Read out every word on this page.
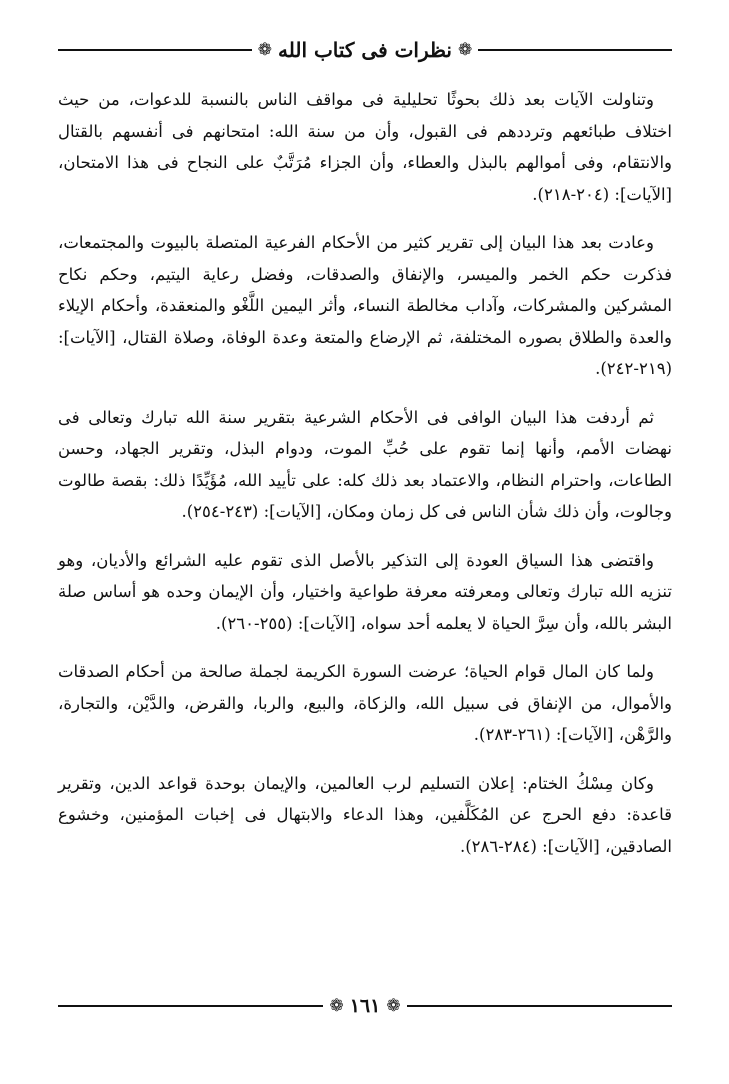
❁
نظرات فى كتاب الله
❁

وتناولت الآيات بعد ذلك بحوثًا تحليلية فى مواقف الناس بالنسبة للدعوات، من حيث اختلاف طبائعهم وترددهم فى القبول، وأن من سنة الله: امتحانهم فى أنفسهم بالقتال والانتقام، وفى أموالهم بالبذل والعطاء، وأن الجزاء مُرَتَّبٌ على النجاح فى هذا الامتحان، [الآيات]: (٢٠٤-٢١٨).

وعادت بعد هذا البيان إلى تقرير كثير من الأحكام الفرعية المتصلة بالبيوت والمجتمعات، فذكرت حكم الخمر والميسر، والإنفاق والصدقات، وفضل رعاية اليتيم، وحكم نكاح المشركين والمشركات، وآداب مخالطة النساء، وأثر اليمين اللَّغْو والمنعقدة، وأحكام الإيلاء والعدة والطلاق بصوره المختلفة، ثم الإرضاع والمتعة وعدة الوفاة، وصلاة القتال، [الآيات]: (٢١٩-٢٤٢).

ثم أردفت هذا البيان الوافى فى الأحكام الشرعية بتقرير سنة الله تبارك وتعالى فى نهضات الأمم، وأنها إنما تقوم على حُبِّ الموت، ودوام البذل، وتقرير الجهاد، وحسن الطاعات، واحترام النظام، والاعتماد بعد ذلك كله: على تأييد الله، مُؤَيِّدًا ذلك: بقصة طالوت وجالوت، وأن ذلك شأن الناس فى كل زمان ومكان، [الآيات]: (٢٤٣-٢٥٤).

واقتضى هذا السياق العودة إلى التذكير بالأصل الذى تقوم عليه الشرائع والأديان، وهو تنزيه الله تبارك وتعالى ومعرفته معرفة طواعية واختيار، وأن الإيمان وحده هو أساس صلة البشر بالله، وأن سِرَّ الحياة لا يعلمه أحد سواه، [الآيات]: (٢٥٥-٢٦٠).

ولما كان المال قوام الحياة؛ عرضت السورة الكريمة لجملة صالحة من أحكام الصدقات والأموال، من الإنفاق فى سبيل الله، والزكاة، والبيع، والربا، والقرض، والدَّيْن، والتجارة، والرَّهْن، [الآيات]: (٢٦١-٢٨٣).

وكان مِسْكُ الختام: إعلان التسليم لرب العالمين، والإيمان بوحدة قواعد الدين، وتقرير قاعدة: دفع الحرج عن المُكَلَّفين، وهذا الدعاء والابتهال فى إخبات المؤمنين، وخشوع الصادقين، [الآيات]: (٢٨٤-٢٨٦).

❁
١٦١
❁
